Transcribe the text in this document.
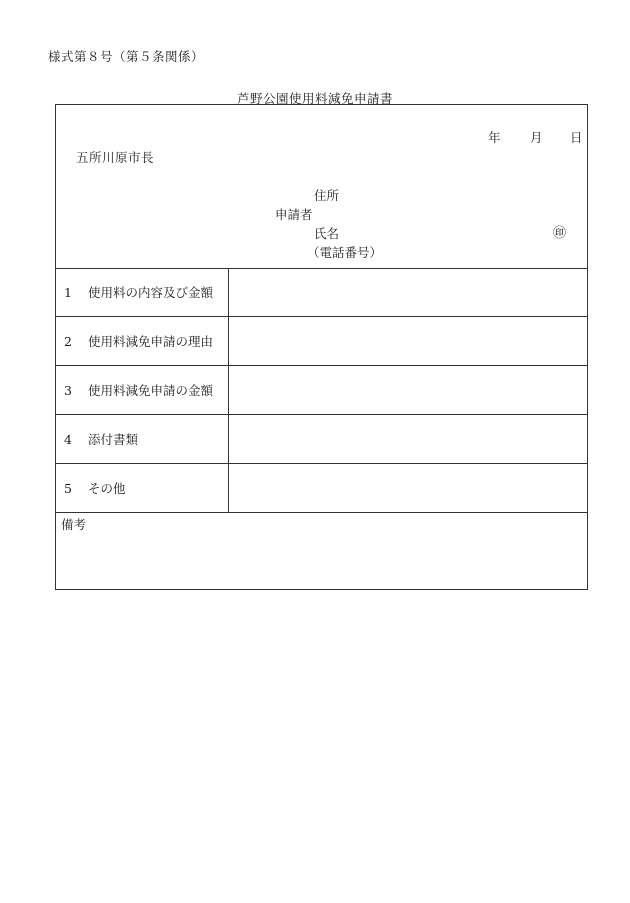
様式第８号（第５条関係）
芦野公園使用料減免申請書
年 月 日
五所川原市長
住所
申請者
氏名	㊞
（電話番号）
1	使用料の内容及び金額
2	使用料減免申請の理由
3	使用料減免申請の金額
4	添付書類
5	その他
備考
